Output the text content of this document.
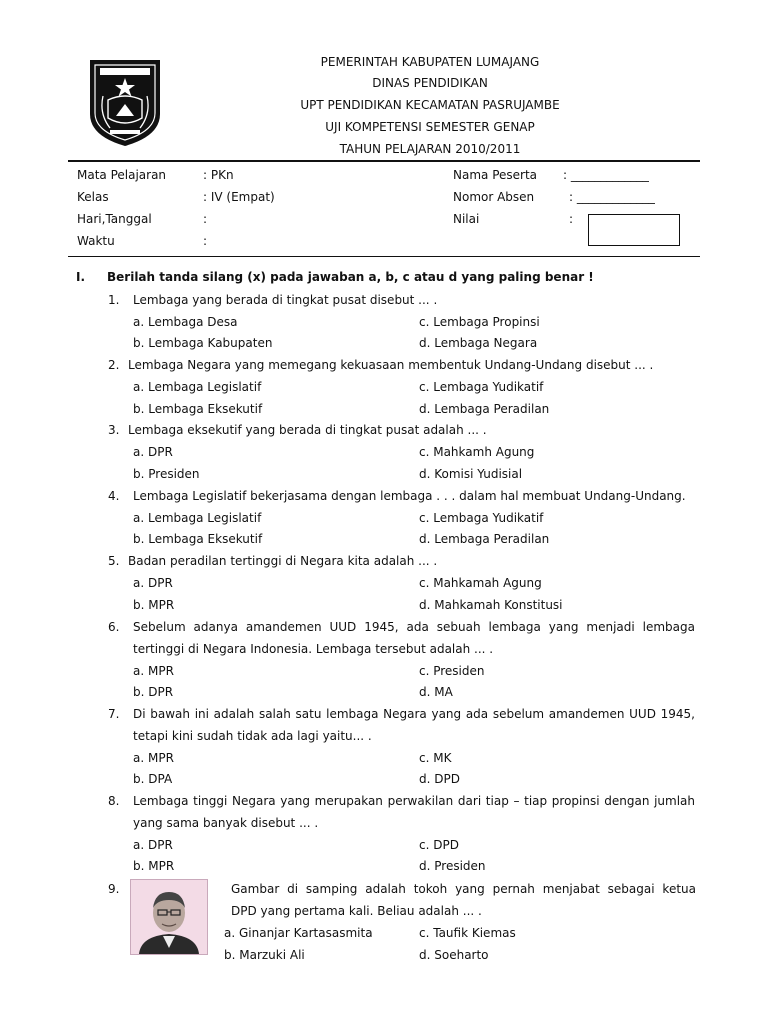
PEMERINTAH KABUPATEN LUMAJANG
DINAS PENDIDIKAN
UPT PENDIDIKAN KECAMATAN PASRUJAMBE
UJI KOMPETENSI SEMESTER GENAP
TAHUN PELAJARAN 2010/2011
Mata Pelajaran	: PKn
Kelas	: IV (Empat)
Hari,Tanggal	:
Waktu	:
Nama Peserta : _____________
Nomor Absen	: _____________
Nilai	:
I. Berilah tanda silang (x) pada jawaban a, b, c atau d yang paling benar !
1. Lembaga yang berada di tingkat pusat disebut ... .
a. Lembaga Desa	c. Lembaga Propinsi
b. Lembaga Kabupaten	d. Lembaga Negara
2. Lembaga Negara yang memegang kekuasaan membentuk Undang-Undang disebut ... .
a. Lembaga Legislatif	c. Lembaga Yudikatif
b. Lembaga Eksekutif	d. Lembaga Peradilan
3. Lembaga eksekutif yang berada di tingkat pusat adalah ... .
a. DPR	c. Mahkamh Agung
b. Presiden	d. Komisi Yudisial
4. Lembaga Legislatif bekerjasama dengan lembaga . . . dalam hal membuat Undang-Undang.
a. Lembaga Legislatif	c. Lembaga Yudikatif
b. Lembaga Eksekutif	d. Lembaga Peradilan
5. Badan peradilan tertinggi di Negara kita adalah ... .
a. DPR	c. Mahkamah Agung
b. MPR	d. Mahkamah Konstitusi
6. Sebelum adanya amandemen UUD 1945, ada sebuah lembaga yang menjadi lembaga
tertinggi di Negara Indonesia. Lembaga tersebut adalah ... .
a. MPR	c. Presiden
b. DPR	d. MA
7. Di bawah ini adalah salah satu lembaga Negara yang ada sebelum amandemen UUD 1945,
tetapi kini sudah tidak ada lagi yaitu... .
a. MPR	c. MK
b. DPA	d. DPD
8. Lembaga tinggi Negara yang merupakan perwakilan dari tiap – tiap propinsi dengan jumlah
yang sama banyak disebut ... .
a. DPR	c. DPD
b. MPR	d. Presiden
9.	Gambar di samping adalah tokoh yang pernah menjabat sebagai ketua
DPD yang pertama kali. Beliau adalah ... .
a. Ginanjar Kartasasmita	c. Taufik Kiemas
b. Marzuki Ali	d. Soeharto
